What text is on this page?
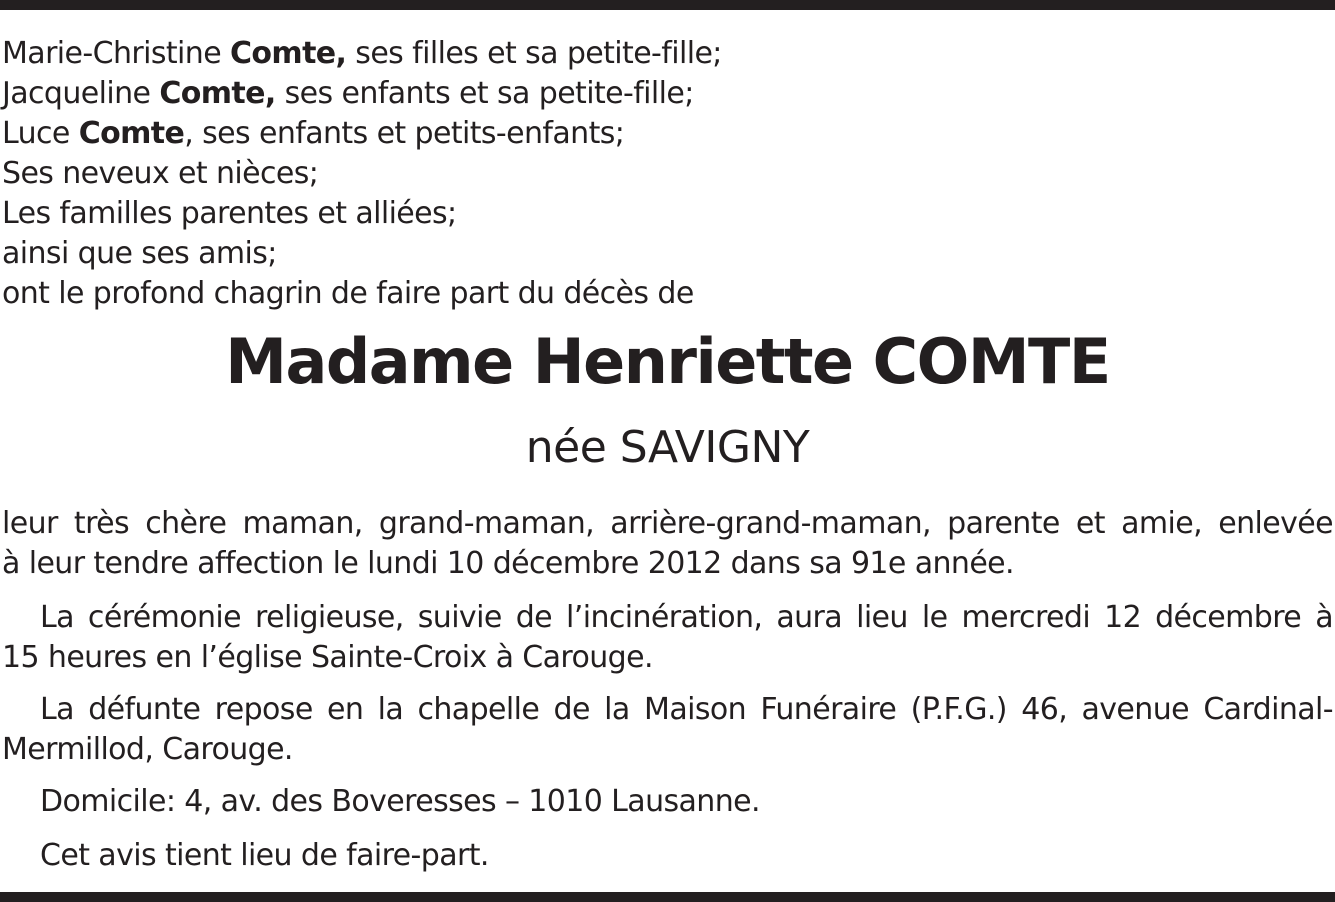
Marie-Christine Comte, ses filles et sa petite-fille;
Jacqueline Comte, ses enfants et sa petite-fille;
Luce Comte, ses enfants et petits-enfants;
Ses neveux et nièces;
Les familles parentes et alliées;
ainsi que ses amis;
ont le profond chagrin de faire part du décès de
Madame Henriette COMTE
née SAVIGNY
leur très chère maman, grand-maman, arrière-grand-maman, parente et amie, enlevée
à leur tendre affection le lundi 10 décembre 2012 dans sa 91e année.
La cérémonie religieuse, suivie de l’incinération, aura lieu le mercredi 12 décembre à
15 heures en l’église Sainte-Croix à Carouge.
La défunte repose en la chapelle de la Maison Funéraire (P.F.G.) 46, avenue Cardinal-
Mermillod, Carouge.
Domicile: 4, av. des Boveresses – 1010 Lausanne.
Cet avis tient lieu de faire-part.
